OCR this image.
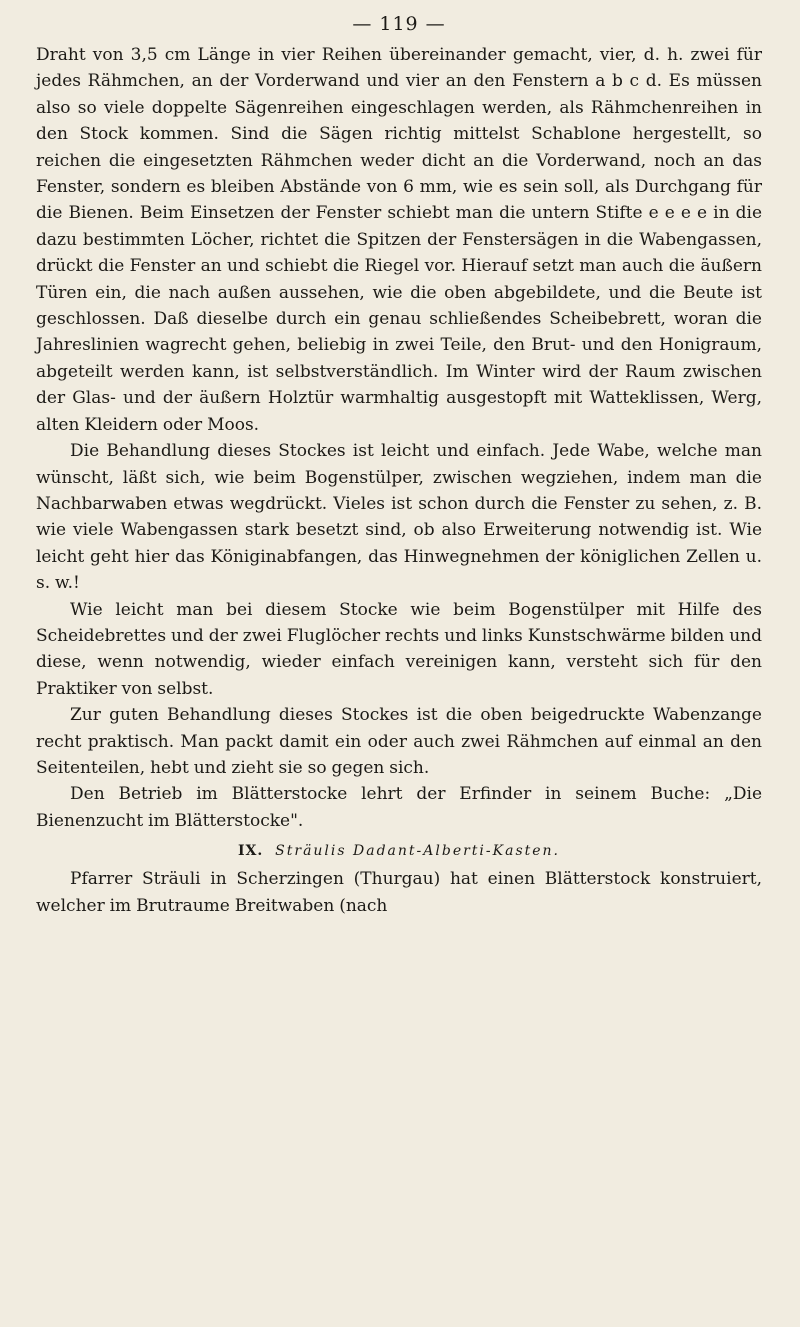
— 119 —

Draht von 3,5 cm Länge in vier Reihen übereinander gemacht, vier, d. h. zwei für jedes Rähmchen, an der Vorderwand und vier an den Fenstern a b c d. Es müssen also so viele doppelte Sägenreihen eingeschlagen werden, als Rähmchenreihen in den Stock kommen. Sind die Sägen richtig mittelst Schablone hergestellt, so reichen die eingesetzten Rähmchen weder dicht an die Vorderwand, noch an das Fenster, sondern es bleiben Abstände von 6 mm, wie es sein soll, als Durchgang für die Bienen. Beim Einsetzen der Fenster schiebt man die untern Stifte e e e e in die dazu bestimmten Löcher, richtet die Spitzen der Fenstersägen in die Wabengassen, drückt die Fenster an und schiebt die Riegel vor. Hierauf setzt man auch die äußern Türen ein, die nach außen aussehen, wie die oben abgebildete, und die Beute ist geschlossen. Daß dieselbe durch ein genau schließendes Scheibebrett, woran die Jahreslinien wagrecht gehen, beliebig in zwei Teile, den Brut- und den Honigraum, abgeteilt werden kann, ist selbstverständlich. Im Winter wird der Raum zwischen der Glas- und der äußern Holztür warmhaltig ausgestopft mit Watteklissen, Werg, alten Kleidern oder Moos.

Die Behandlung dieses Stockes ist leicht und einfach. Jede Wabe, welche man wünscht, läßt sich, wie beim Bogenstülper, zwischen wegziehen, indem man die Nachbarwaben etwas wegdrückt. Vieles ist schon durch die Fenster zu sehen, z. B. wie viele Wabengassen stark besetzt sind, ob also Erweiterung notwendig ist. Wie leicht geht hier das Königinabfangen, das Hinwegnehmen der königlichen Zellen u. s. w.!

Wie leicht man bei diesem Stocke wie beim Bogenstülper mit Hilfe des Scheidebrettes und der zwei Fluglöcher rechts und links Kunstschwärme bilden und diese, wenn notwendig, wieder einfach vereinigen kann, versteht sich für den Praktiker von selbst.

Zur guten Behandlung dieses Stockes ist die oben beigedruckte Wabenzange recht praktisch. Man packt damit ein oder auch zwei Rähmchen auf einmal an den Seitenteilen, hebt und zieht sie so gegen sich.

Den Betrieb im Blätterstocke lehrt der Erfinder in seinem Buche: „Die Bienenzucht im Blätterstocke".

IX. Sträulis Dadant-Alberti-Kasten.

Pfarrer Sträuli in Scherzingen (Thurgau) hat einen Blätterstock konstruiert, welcher im Brutraume Breitwaben (nach
